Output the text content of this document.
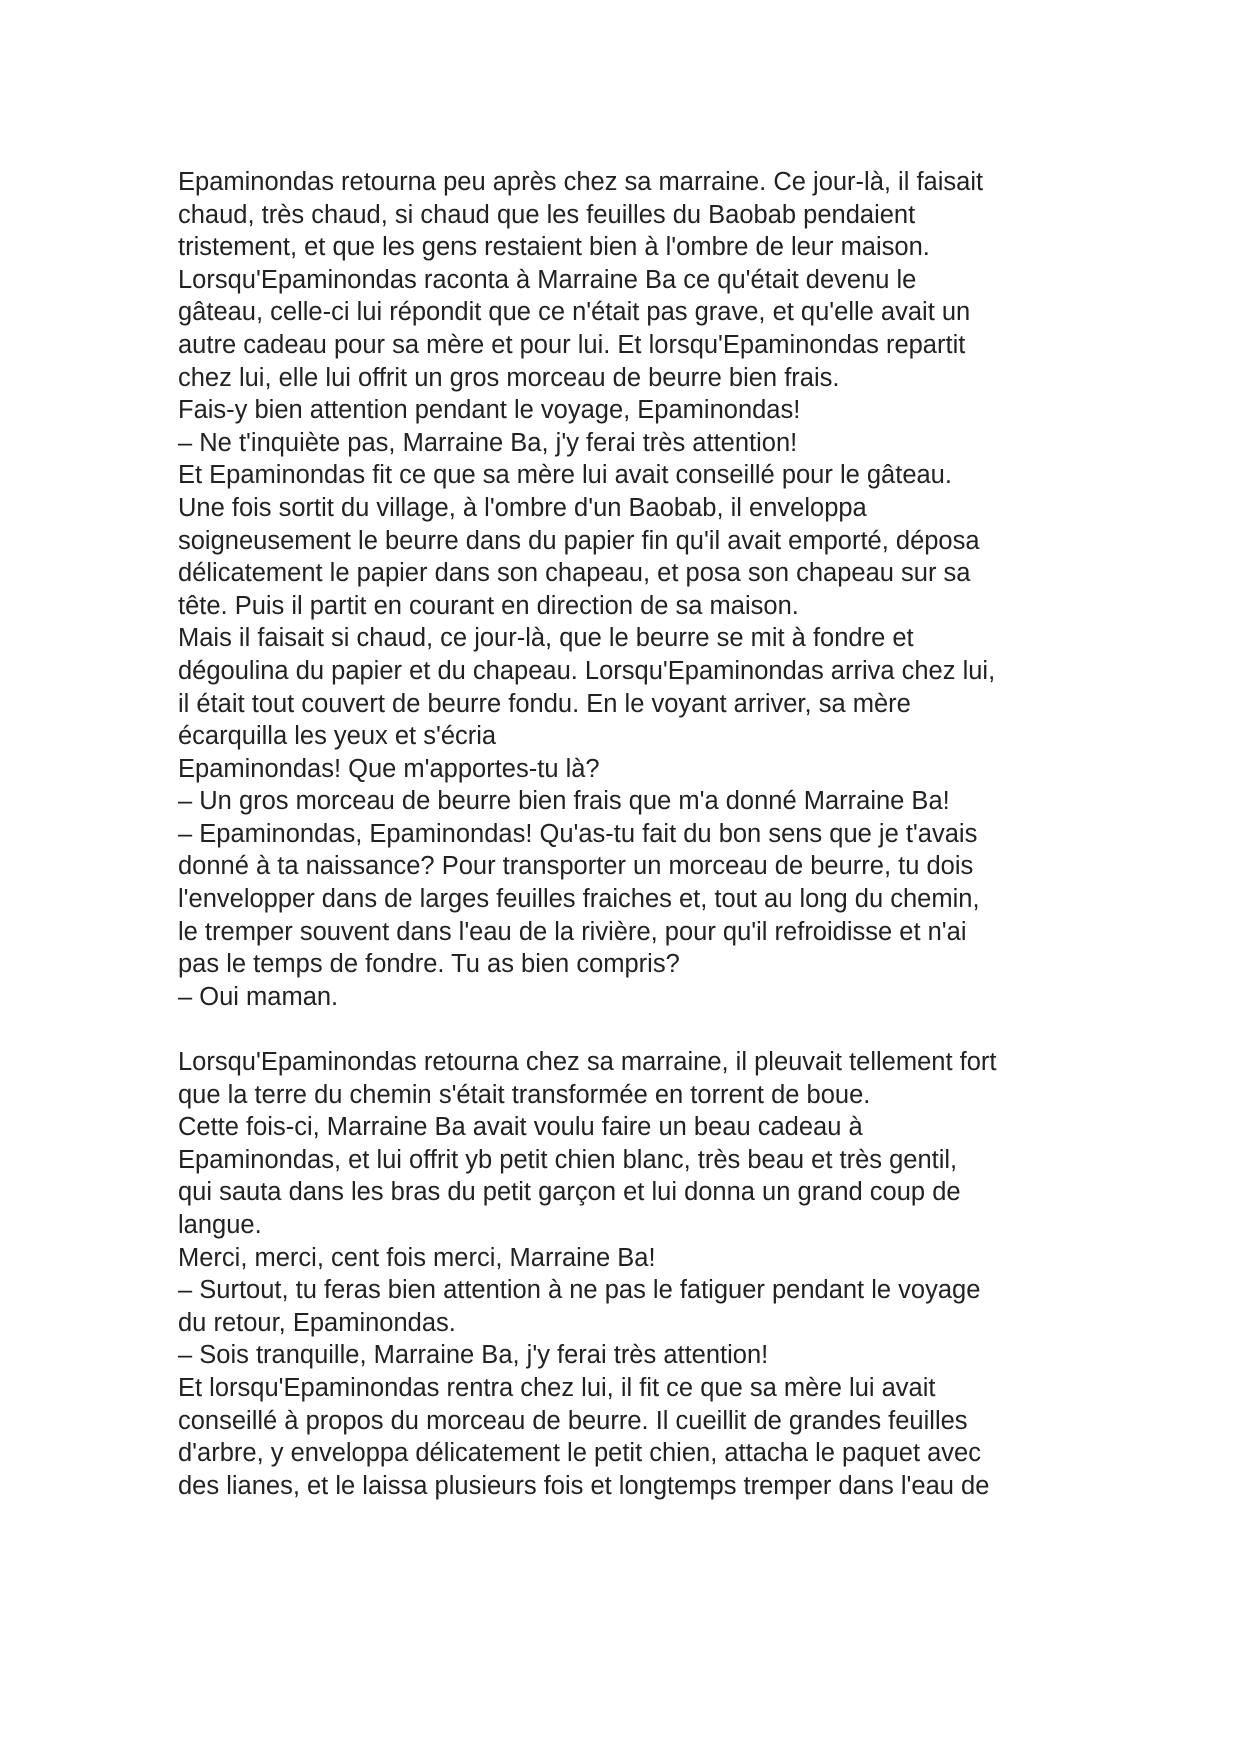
Epaminondas retourna peu après chez sa marraine. Ce jour-là, il faisait
chaud, très chaud, si chaud que les feuilles du Baobab pendaient
tristement, et que les gens restaient bien à l'ombre de leur maison.
Lorsqu'Epaminondas raconta à Marraine Ba ce qu'était devenu le
gâteau, celle-ci lui répondit que ce n'était pas grave, et qu'elle avait un
autre cadeau pour sa mère et pour lui. Et lorsqu'Epaminondas repartit
chez lui, elle lui offrit un gros morceau de beurre bien frais.
Fais-y bien attention pendant le voyage, Epaminondas!
– Ne t'inquiète pas, Marraine Ba, j'y ferai très attention!
Et Epaminondas fit ce que sa mère lui avait conseillé pour le gâteau.
Une fois sortit du village, à l'ombre d'un Baobab, il enveloppa
soigneusement le beurre dans du papier fin qu'il avait emporté, déposa
délicatement le papier dans son chapeau, et posa son chapeau sur sa
tête. Puis il partit en courant en direction de sa maison.
Mais il faisait si chaud, ce jour-là, que le beurre se mit à fondre et
dégoulina du papier et du chapeau. Lorsqu'Epaminondas arriva chez lui,
il était tout couvert de beurre fondu. En le voyant arriver, sa mère
écarquilla les yeux et s'écria
Epaminondas! Que m'apportes-tu là?
– Un gros morceau de beurre bien frais que m'a donné Marraine Ba!
– Epaminondas, Epaminondas! Qu'as-tu fait du bon sens que je t'avais
donné à ta naissance? Pour transporter un morceau de beurre, tu dois
l'envelopper dans de larges feuilles fraiches et, tout au long du chemin,
le tremper souvent dans l'eau de la rivière, pour qu'il refroidisse et n'ai
pas le temps de fondre. Tu as bien compris?
– Oui maman.
Lorsqu'Epaminondas retourna chez sa marraine, il pleuvait tellement fort
que la terre du chemin s'était transformée en torrent de boue.
Cette fois-ci, Marraine Ba avait voulu faire un beau cadeau à
Epaminondas, et lui offrit yb petit chien blanc, très beau et très gentil,
qui sauta dans les bras du petit garçon et lui donna un grand coup de
langue.
Merci, merci, cent fois merci, Marraine Ba!
– Surtout, tu feras bien attention à ne pas le fatiguer pendant le voyage
du retour, Epaminondas.
– Sois tranquille, Marraine Ba, j'y ferai très attention!
Et lorsqu'Epaminondas rentra chez lui, il fit ce que sa mère lui avait
conseillé à propos du morceau de beurre. Il cueillit de grandes feuilles
d'arbre, y enveloppa délicatement le petit chien, attacha le paquet avec
des lianes, et le laissa plusieurs fois et longtemps tremper dans l'eau de
